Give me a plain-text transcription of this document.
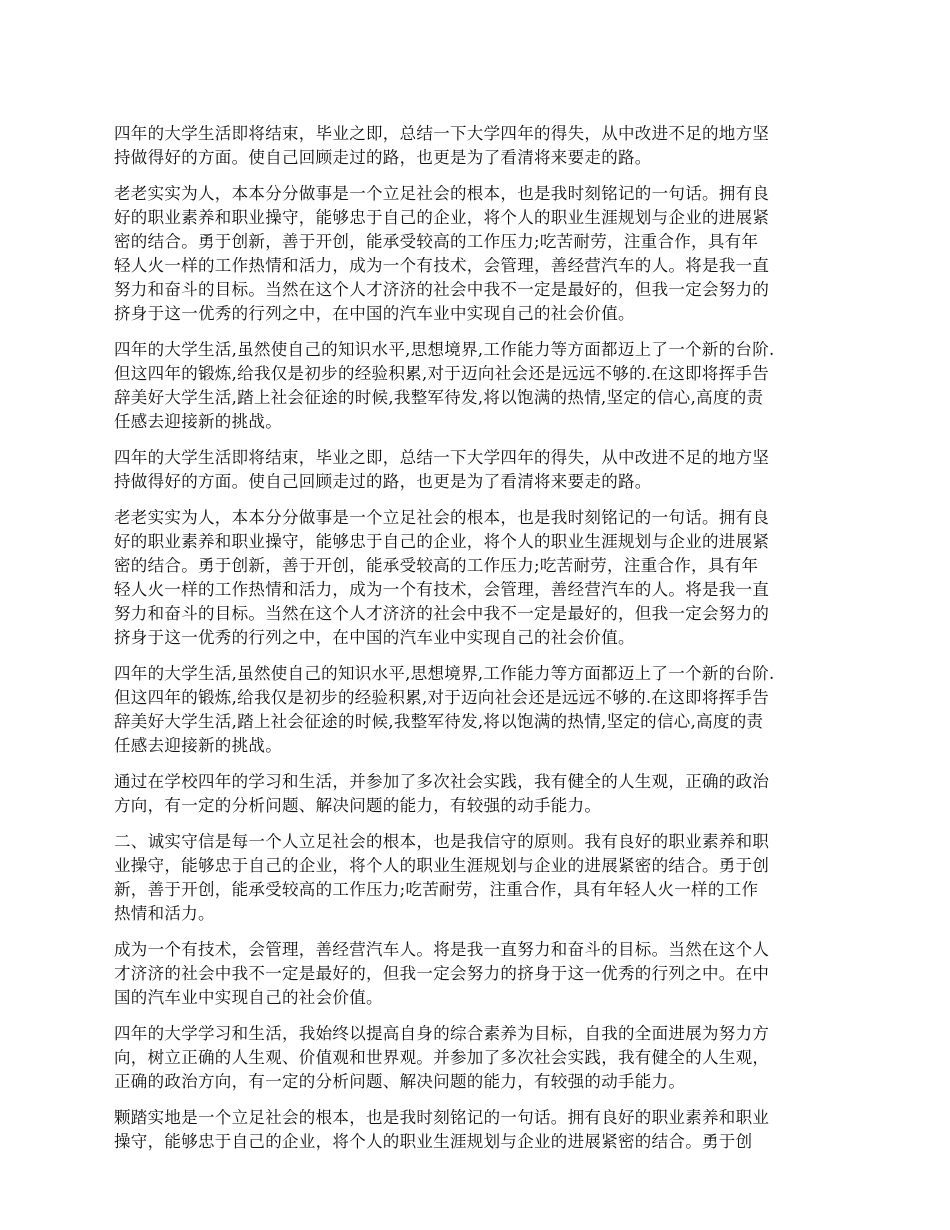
四年的大学生活即将结束，毕业之即，总结一下大学四年的得失，从中改进不足的地方坚
持做得好的方面。使自己回顾走过的路，也更是为了看清将来要走的路。

老老实实为人，本本分分做事是一个立足社会的根本，也是我时刻铭记的一句话。拥有良
好的职业素养和职业操守，能够忠于自己的企业，将个人的职业生涯规划与企业的进展紧
密的结合。勇于创新，善于开创，能承受较高的工作压力;吃苦耐劳，注重合作，具有年
轻人火一样的工作热情和活力，成为一个有技术，会管理，善经营汽车的人。将是我一直
努力和奋斗的目标。当然在这个人才济济的社会中我不一定是最好的，但我一定会努力的
挤身于这一优秀的行列之中，在中国的汽车业中实现自己的社会价值。

四年的大学生活,虽然使自己的知识水平,思想境界,工作能力等方面都迈上了一个新的台阶.
但这四年的锻炼,给我仅是初步的经验积累,对于迈向社会还是远远不够的.在这即将挥手告
辞美好大学生活,踏上社会征途的时候,我整军待发,将以饱满的热情,坚定的信心,高度的责
任感去迎接新的挑战。

四年的大学生活即将结束，毕业之即，总结一下大学四年的得失，从中改进不足的地方坚
持做得好的方面。使自己回顾走过的路，也更是为了看清将来要走的路。

老老实实为人，本本分分做事是一个立足社会的根本，也是我时刻铭记的一句话。拥有良
好的职业素养和职业操守，能够忠于自己的企业，将个人的职业生涯规划与企业的进展紧
密的结合。勇于创新，善于开创，能承受较高的工作压力;吃苦耐劳，注重合作，具有年
轻人火一样的工作热情和活力，成为一个有技术，会管理，善经营汽车的人。将是我一直
努力和奋斗的目标。当然在这个人才济济的社会中我不一定是最好的，但我一定会努力的
挤身于这一优秀的行列之中，在中国的汽车业中实现自己的社会价值。

四年的大学生活,虽然使自己的知识水平,思想境界,工作能力等方面都迈上了一个新的台阶.
但这四年的锻炼,给我仅是初步的经验积累,对于迈向社会还是远远不够的.在这即将挥手告
辞美好大学生活,踏上社会征途的时候,我整军待发,将以饱满的热情,坚定的信心,高度的责
任感去迎接新的挑战。

通过在学校四年的学习和生活，并参加了多次社会实践，我有健全的人生观，正确的政治
方向，有一定的分析问题、解决问题的能力，有较强的动手能力。

二、诚实守信是每一个人立足社会的根本，也是我信守的原则。我有良好的职业素养和职
业操守，能够忠于自己的企业，将个人的职业生涯规划与企业的进展紧密的结合。勇于创
新，善于开创，能承受较高的工作压力;吃苦耐劳，注重合作，具有年轻人火一样的工作
热情和活力。

成为一个有技术，会管理，善经营汽车人。将是我一直努力和奋斗的目标。当然在这个人
才济济的社会中我不一定是最好的，但我一定会努力的挤身于这一优秀的行列之中。在中
国的汽车业中实现自己的社会价值。

四年的大学学习和生活，我始终以提高自身的综合素养为目标，自我的全面进展为努力方
向，树立正确的人生观、价值观和世界观。并参加了多次社会实践，我有健全的人生观，
正确的政治方向，有一定的分析问题、解决问题的能力，有较强的动手能力。

颗踏实地是一个立足社会的根本，也是我时刻铭记的一句话。拥有良好的职业素养和职业
操守，能够忠于自己的企业，将个人的职业生涯规划与企业的进展紧密的结合。勇于创
